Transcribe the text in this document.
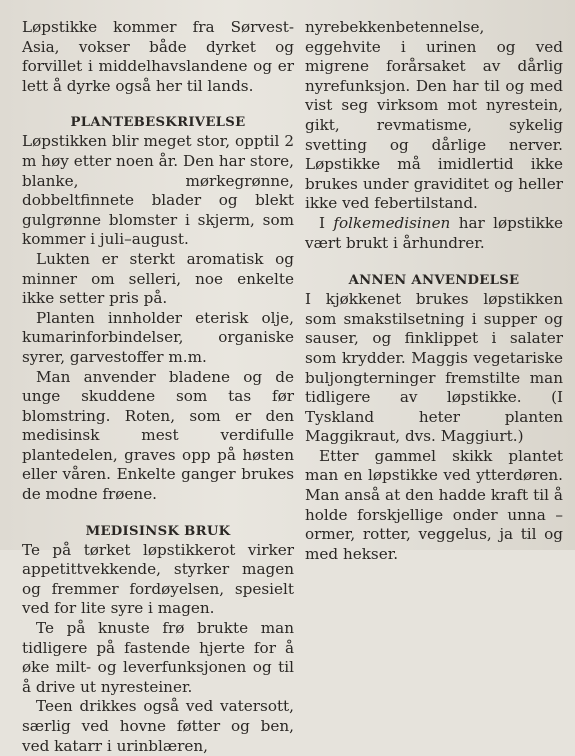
Løpstikke kommer fra Sørvest-Asia, vokser både dyrket og forvillet i middelhavslandene og er lett å dyrke også her til lands.

PLANTEBESKRIVELSE

Løpstikken blir meget stor, opptil 2 m høy etter noen år. Den har store, blanke, mørkegrønne, dobbeltfinnete blader og blekt gulgrønne blomster i skjerm, som kommer i juli–august.

Lukten er sterkt aromatisk og minner om selleri, noe enkelte ikke setter pris på.

Planten innholder eterisk olje, kumarinforbindelser, organiske syrer, garvestoffer m.m.

Man anvender bladene og de unge skuddene som tas før blomstring. Roten, som er den medisinsk mest verdifulle plantedelen, graves opp på høsten eller våren. Enkelte ganger brukes de modne frøene.

MEDISINSK BRUK

Te på tørket løpstikkerot virker appetittvekkende, styrker magen og fremmer fordøyelsen, spesielt ved for lite syre i magen.

Te på knuste frø brukte man tidligere på fastende hjerte for å øke milt- og leverfunksjonen og til å drive ut nyresteiner.

Teen drikkes også ved vatersott, særlig ved hovne føtter og ben, ved katarr i urinblæren,

nyrebekkenbetennelse, eggehvite i urinen og ved migrene forårsaket av dårlig nyrefunksjon. Den har til og med vist seg virksom mot nyrestein, gikt, revmatisme, sykelig svetting og dårlige nerver. Løpstikke må imidlertid ikke brukes under graviditet og heller ikke ved febertilstand.

I folkemedisinen har løpstikke vært brukt i århundrer.

ANNEN ANVENDELSE

I kjøkkenet brukes løpstikken som smakstilsetning i supper og sauser, og finklippet i salater som krydder. Maggis vegetariske buljongterninger fremstilte man tidligere av løpstikke. (I Tyskland heter planten Maggikraut, dvs. Maggiurt.)

Etter gammel skikk plantet man en løpstikke ved ytterdøren. Man anså at den hadde kraft til å holde forskjellige onder unna – ormer, rotter, veggelus, ja til og med hekser.
